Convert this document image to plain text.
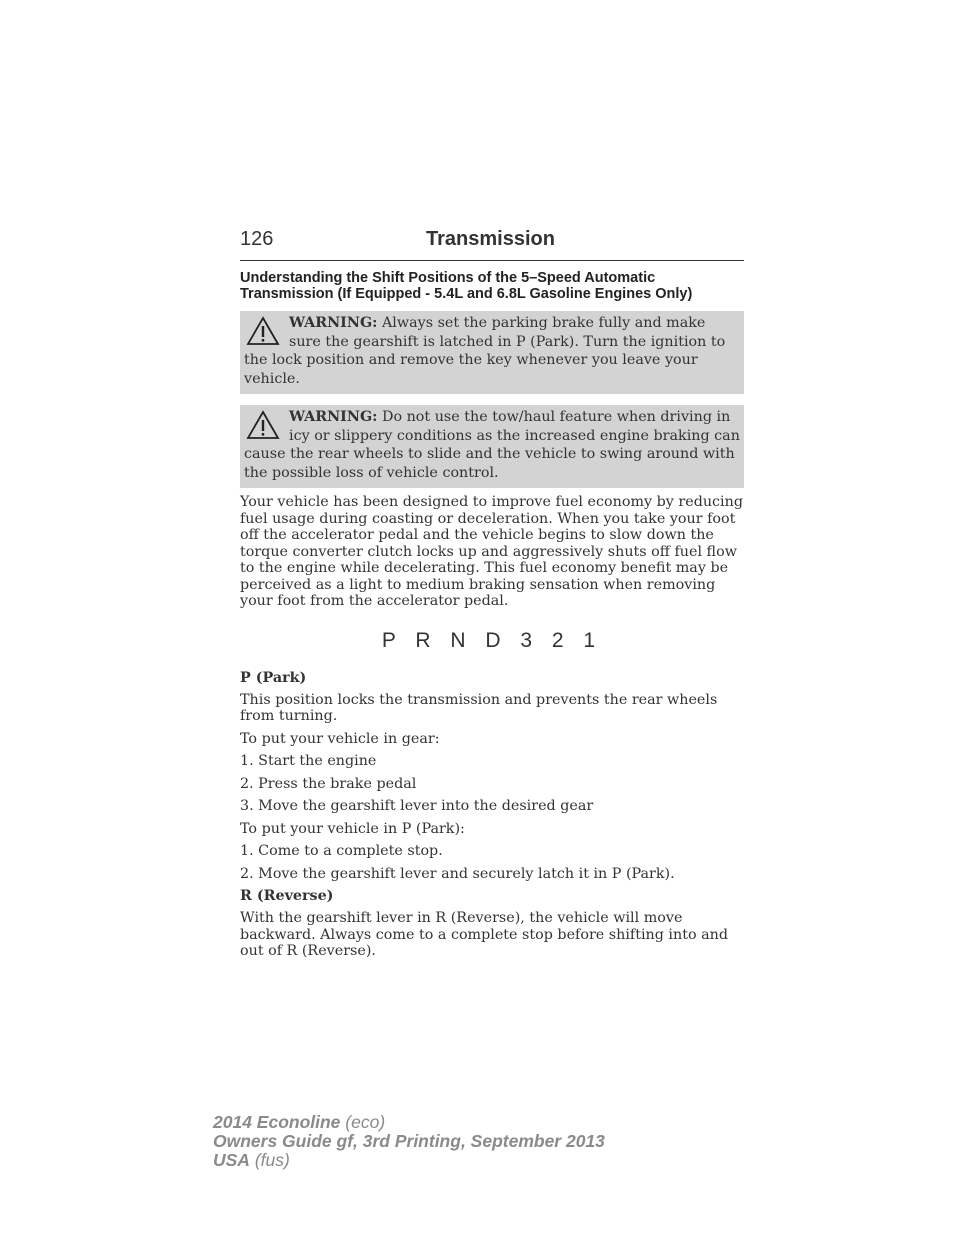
126	Transmission
Understanding the Shift Positions of the 5–Speed Automatic Transmission (If Equipped - 5.4L and 6.8L Gasoline Engines Only)
WARNING: Always set the parking brake fully and make sure the gearshift is latched in P (Park). Turn the ignition to the lock position and remove the key whenever you leave your vehicle.
WARNING: Do not use the tow/haul feature when driving in icy or slippery conditions as the increased engine braking can cause the rear wheels to slide and the vehicle to swing around with the possible loss of vehicle control.

Your vehicle has been designed to improve fuel economy by reducing fuel usage during coasting or deceleration. When you take your foot off the accelerator pedal and the vehicle begins to slow down the torque converter clutch locks up and aggressively shuts off fuel flow to the engine while decelerating. This fuel economy benefit may be perceived as a light to medium braking sensation when removing your foot from the accelerator pedal.

P R N D 3 2 1
P (Park)

This position locks the transmission and prevents the rear wheels from turning.

To put your vehicle in gear:

1. Start the engine

2. Press the brake pedal

3. Move the gearshift lever into the desired gear

To put your vehicle in P (Park):

1. Come to a complete stop.

2. Move the gearshift lever and securely latch it in P (Park).

R (Reverse)

With the gearshift lever in R (Reverse), the vehicle will move backward. Always come to a complete stop before shifting into and out of R (Reverse).

2014 Econoline (eco)
Owners Guide gf, 3rd Printing, September 2013
USA (fus)
